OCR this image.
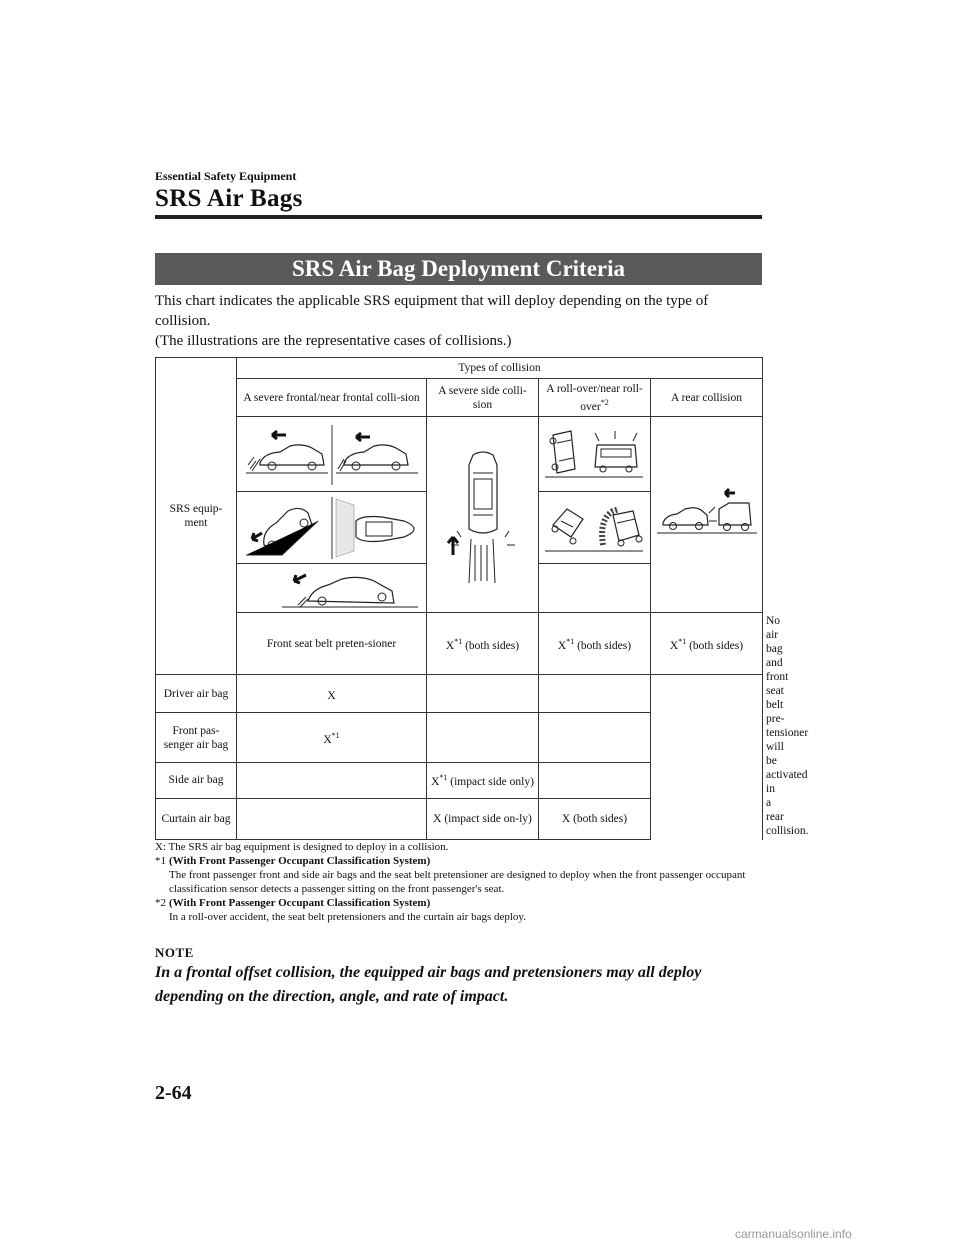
Essential Safety Equipment
SRS Air Bags
SRS Air Bag Deployment Criteria
This chart indicates the applicable SRS equipment that will deploy depending on the type of collision.
(The illustrations are the representative cases of collisions.)
SRS equip-ment	Types of collision				
	A severe frontal/near frontal colli-sion	A severe side colli-sion	A roll-over/near roll-over$^{*2}$	A rear collision	

	Front seat belt preten-sioner	$X^{*1}$ (both sides)	$X^{*1}$ (both sides)	$X^{*1}$ (both sides)	No air bag and front seat belt pre-tensioner will be activated in a rear collision.
Driver air bag	X				
Front pas-senger air bag	$X^{*1}$		
Side air bag		$X^{*1}$ (impact side only)			
Curtain air bag		X (impact side on-ly)	X (both sides)		
X: The SRS air bag equipment is designed to deploy in a collision.
*1 (With Front Passenger Occupant Classification System)
The front passenger front and side air bags and the seat belt pretensioner are designed to deploy when the front passenger occupant classification sensor detects a passenger sitting on the front passenger's seat.
*2 (With Front Passenger Occupant Classification System)
In a roll-over accident, the seat belt pretensioners and the curtain air bags deploy.
NOTE
In a frontal offset collision, the equipped air bags and pretensioners may all deploy depending on the direction, angle, and rate of impact.
2-64
carmanualsonline.info
